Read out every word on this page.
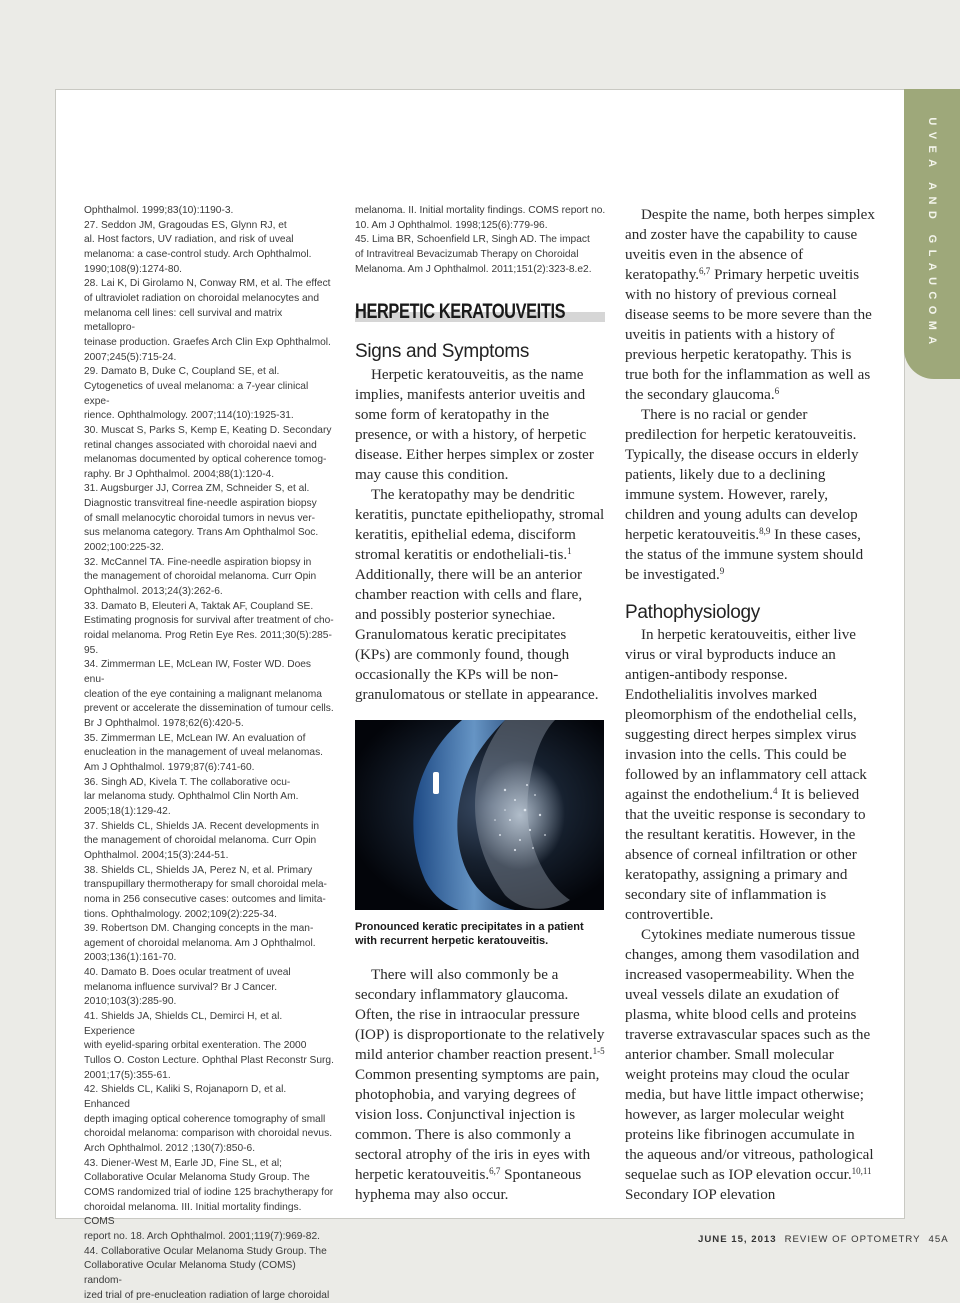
UVEA AND GLAUCOMA
Ophthalmol. 1999;83(10):1190-3.
27. Seddon JM, Gragoudas ES, Glynn RJ, et
al. Host factors, UV radiation, and risk of uveal
melanoma: a case-control study. Arch Ophthalmol.
1990;108(9):1274-80.
28. Lai K, Di Girolamo N, Conway RM, et al. The effect
of ultraviolet radiation on choroidal melanocytes and
melanoma cell lines: cell survival and matrix metallopro-
teinase production. Graefes Arch Clin Exp Ophthalmol.
2007;245(5):715-24.
29. Damato B, Duke C, Coupland SE, et al.
Cytogenetics of uveal melanoma: a 7-year clinical expe-
rience. Ophthalmology. 2007;114(10):1925-31.
30. Muscat S, Parks S, Kemp E, Keating D. Secondary
retinal changes associated with choroidal naevi and
melanomas documented by optical coherence tomog-
raphy. Br J Ophthalmol. 2004;88(1):120-4.
31. Augsburger JJ, Correa ZM, Schneider S, et al.
Diagnostic transvitreal fine-needle aspiration biopsy
of small melanocytic choroidal tumors in nevus ver-
sus melanoma category. Trans Am Ophthalmol Soc.
2002;100:225-32.
32. McCannel TA. Fine-needle aspiration biopsy in
the management of choroidal melanoma. Curr Opin
Ophthalmol. 2013;24(3):262-6.
33. Damato B, Eleuteri A, Taktak AF, Coupland SE.
Estimating prognosis for survival after treatment of cho-
roidal melanoma. Prog Retin Eye Res. 2011;30(5):285-
95.
34. Zimmerman LE, McLean IW, Foster WD. Does enu-
cleation of the eye containing a malignant melanoma
prevent or accelerate the dissemination of tumour cells.
Br J Ophthalmol. 1978;62(6):420-5.
35. Zimmerman LE, McLean IW. An evaluation of
enucleation in the management of uveal melanomas.
Am J Ophthalmol. 1979;87(6):741-60.
36. Singh AD, Kivela T. The collaborative ocu-
lar melanoma study. Ophthalmol Clin North Am.
2005;18(1):129-42.
37. Shields CL, Shields JA. Recent developments in
the management of choroidal melanoma. Curr Opin
Ophthalmol. 2004;15(3):244-51.
38. Shields CL, Shields JA, Perez N, et al. Primary
transpupillary thermotherapy for small choroidal mela-
noma in 256 consecutive cases: outcomes and limita-
tions. Ophthalmology. 2002;109(2):225-34.
39. Robertson DM. Changing concepts in the man-
agement of choroidal melanoma. Am J Ophthalmol.
2003;136(1):161-70.
40. Damato B. Does ocular treatment of uveal
melanoma influence survival? Br J Cancer.
2010;103(3):285-90.
41. Shields JA, Shields CL, Demirci H, et al. Experience
with eyelid-sparing orbital exenteration. The 2000
Tullos O. Coston Lecture. Ophthal Plast Reconstr Surg.
2001;17(5):355-61.
42. Shields CL, Kaliki S, Rojanaporn D, et al. Enhanced
depth imaging optical coherence tomography of small
choroidal melanoma: comparison with choroidal nevus.
Arch Ophthalmol. 2012 ;130(7):850-6.
43. Diener-West M, Earle JD, Fine SL, et al;
Collaborative Ocular Melanoma Study Group. The
COMS randomized trial of iodine 125 brachytherapy for
choroidal melanoma. III. Initial mortality findings. COMS
report no. 18. Arch Ophthalmol. 2001;119(7):969-82.
44. Collaborative Ocular Melanoma Study Group. The
Collaborative Ocular Melanoma Study (COMS) random-
ized trial of pre-enucleation radiation of large choroidal
melanoma. II. Initial mortality findings. COMS report no.
10. Am J Ophthalmol. 1998;125(6):779-96.
45. Lima BR, Schoenfield LR, Singh AD. The impact
of Intravitreal Bevacizumab Therapy on Choroidal
Melanoma. Am J Ophthalmol. 2011;151(2):323-8.e2.
HERPETIC KERATOUVEITIS
Signs and Symptoms

Herpetic keratouveitis, as the name implies, manifests anterior uveitis and some form of keratopathy in the presence, or with a history, of herpetic disease. Either herpes simplex or zoster may cause this condition.

The keratopathy may be dendritic keratitis, punctate epitheliopathy, stromal keratitis, epithelial edema, disciform stromal keratitis or endotheliali-tis.$^1$ Additionally, there will be an anterior chamber reaction with cells and flare, and possibly posterior synechiae. Granulomatous keratic precipitates (KPs) are commonly found, though occasionally the KPs will be non-granulomatous or stellate in appearance.

Pronounced keratic precipitates in a patient with recurrent herpetic keratouveitis.

There will also commonly be a secondary inflammatory glaucoma. Often, the rise in intraocular pressure (IOP) is disproportionate to the relatively mild anterior chamber reaction present.$^{1-5}$ Common presenting symptoms are pain, photophobia, and varying degrees of vision loss. Conjunctival injection is common. There is also commonly a sectoral atrophy of the iris in eyes with herpetic keratouveitis.$^{6,7}$ Spontaneous hyphema may also occur.

Despite the name, both herpes simplex and zoster have the capability to cause uveitis even in the absence of keratopathy.$^{6,7}$ Primary herpetic uveitis with no history of previous corneal disease seems to be more severe than the uveitis in patients with a history of previous herpetic keratopathy. This is true both for the inflammation as well as the secondary glaucoma.$^6$

There is no racial or gender predilection for herpetic keratouveitis. Typically, the disease occurs in elderly patients, likely due to a declining immune system. However, rarely, children and young adults can develop herpetic keratouveitis.$^{8,9}$ In these cases, the status of the immune system should be investigated.$^9$

Pathophysiology

In herpetic keratouveitis, either live virus or viral byproducts induce an antigen-antibody response. Endothelialitis involves marked pleomorphism of the endothelial cells, suggesting direct herpes simplex virus invasion into the cells. This could be followed by an inflammatory cell attack against the endothelium.$^4$ It is believed that the uveitic response is secondary to the resultant keratitis. However, in the absence of corneal infiltration or other keratopathy, assigning a primary and secondary site of inflammation is controvertible.

Cytokines mediate numerous tissue changes, among them vasodilation and increased vasopermeability. When the uveal vessels dilate an exudation of plasma, white blood cells and proteins traverse extravascular spaces such as the anterior chamber. Small molecular weight proteins may cloud the ocular media, but have little impact otherwise; however, as larger molecular weight proteins like fibrinogen accumulate in the aqueous and/or vitreous, pathological sequelae such as IOP elevation occur.$^{10,11}$ Secondary IOP elevation

JUNE 15, 2013 REVIEW OF OPTOMETRY 45A
